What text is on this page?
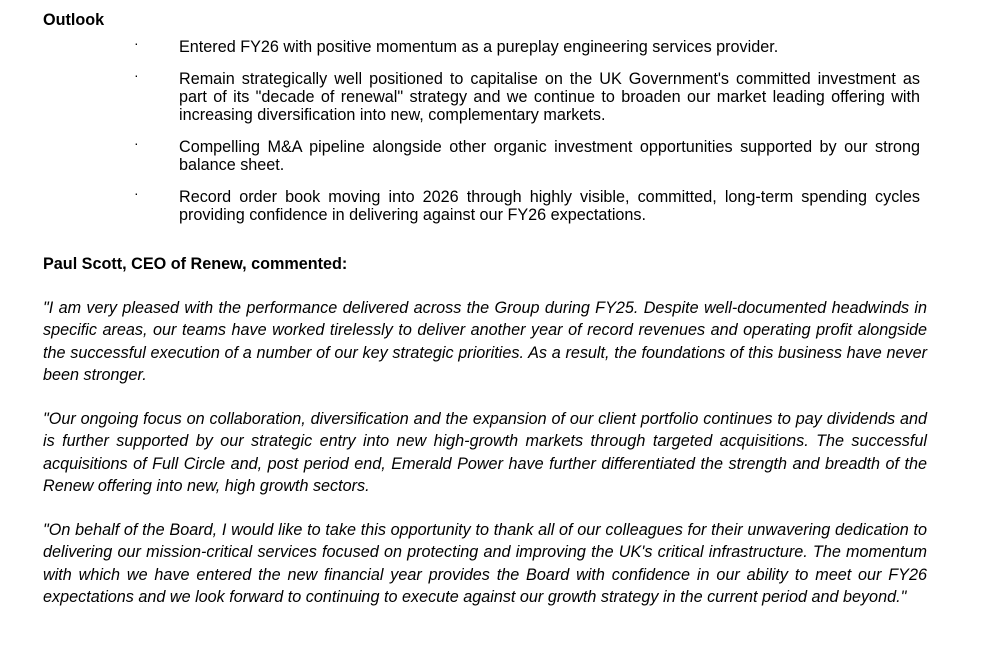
Outlook
· Entered FY26 with positive momentum as a pureplay engineering services provider.
· Remain strategically well positioned to capitalise on the UK Government's committed investment as part of its "decade of renewal" strategy and we continue to broaden our market leading offering with increasing diversification into new, complementary markets.
· Compelling M&A pipeline alongside other organic investment opportunities supported by our strong balance sheet.
· Record order book moving into 2026 through highly visible, committed, long-term spending cycles providing confidence in delivering against our FY26 expectations.
Paul Scott, CEO of Renew, commented:
"I am very pleased with the performance delivered across the Group during FY25. Despite well-documented headwinds in specific areas, our teams have worked tirelessly to deliver another year of record revenues and operating profit alongside the successful execution of a number of our key strategic priorities. As a result, the foundations of this business have never been stronger.
"Our ongoing focus on collaboration, diversification and the expansion of our client portfolio continues to pay dividends and is further supported by our strategic entry into new high-growth markets through targeted acquisitions. The successful acquisitions of Full Circle and, post period end, Emerald Power have further differentiated the strength and breadth of the Renew offering into new, high growth sectors.
"On behalf of the Board, I would like to take this opportunity to thank all of our colleagues for their unwavering dedication to delivering our mission-critical services focused on protecting and improving the UK's critical infrastructure. The momentum with which we have entered the new financial year provides the Board with confidence in our ability to meet our FY26 expectations and we look forward to continuing to execute against our growth strategy in the current period and beyond."
